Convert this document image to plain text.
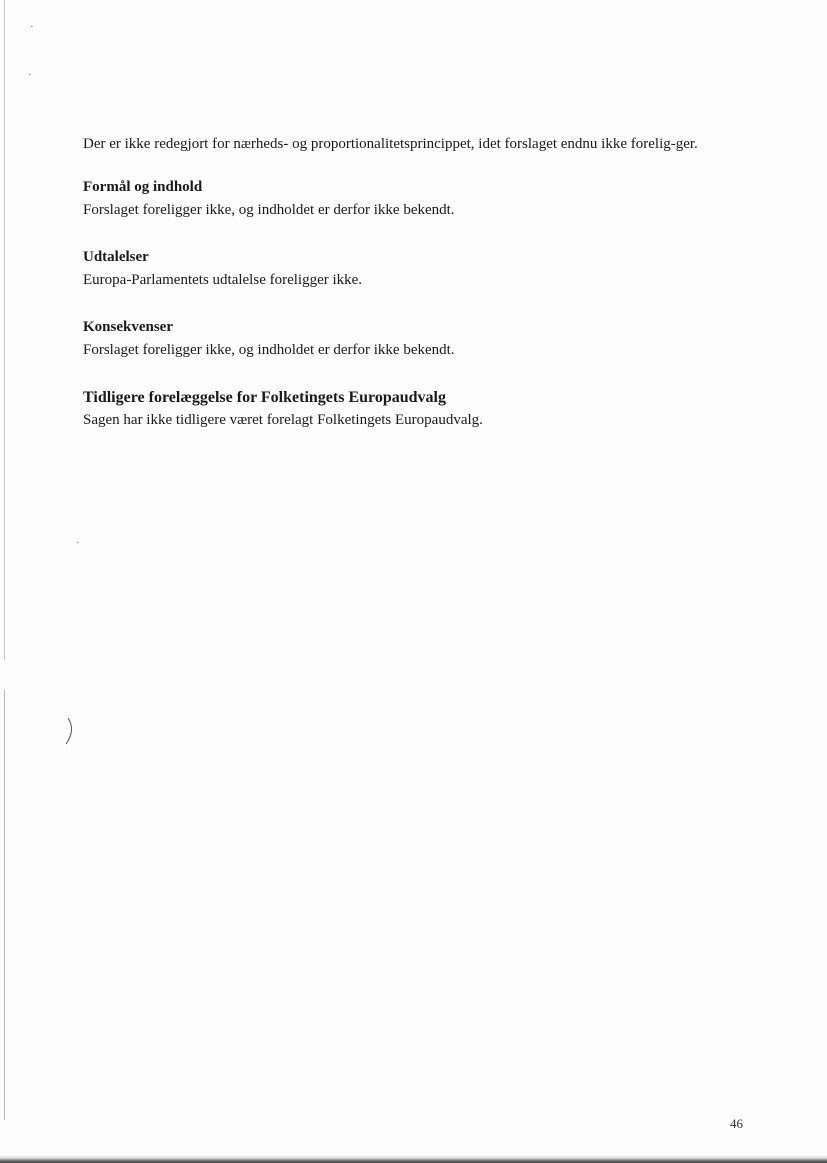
·
·
·

Der er ikke redegjort for nærheds- og proportionalitetsprincippet, idet forslaget endnu ikke forelig-ger.

Formål og indhold

Forslaget foreligger ikke, og indholdet er derfor ikke bekendt.

Udtalelser

Europa-Parlamentets udtalelse foreligger ikke.

Konsekvenser

Forslaget foreligger ikke, og indholdet er derfor ikke bekendt.

Tidligere forelæggelse for Folketingets Europaudvalg

Sagen har ikke tidligere været forelagt Folketingets Europaudvalg.

46
